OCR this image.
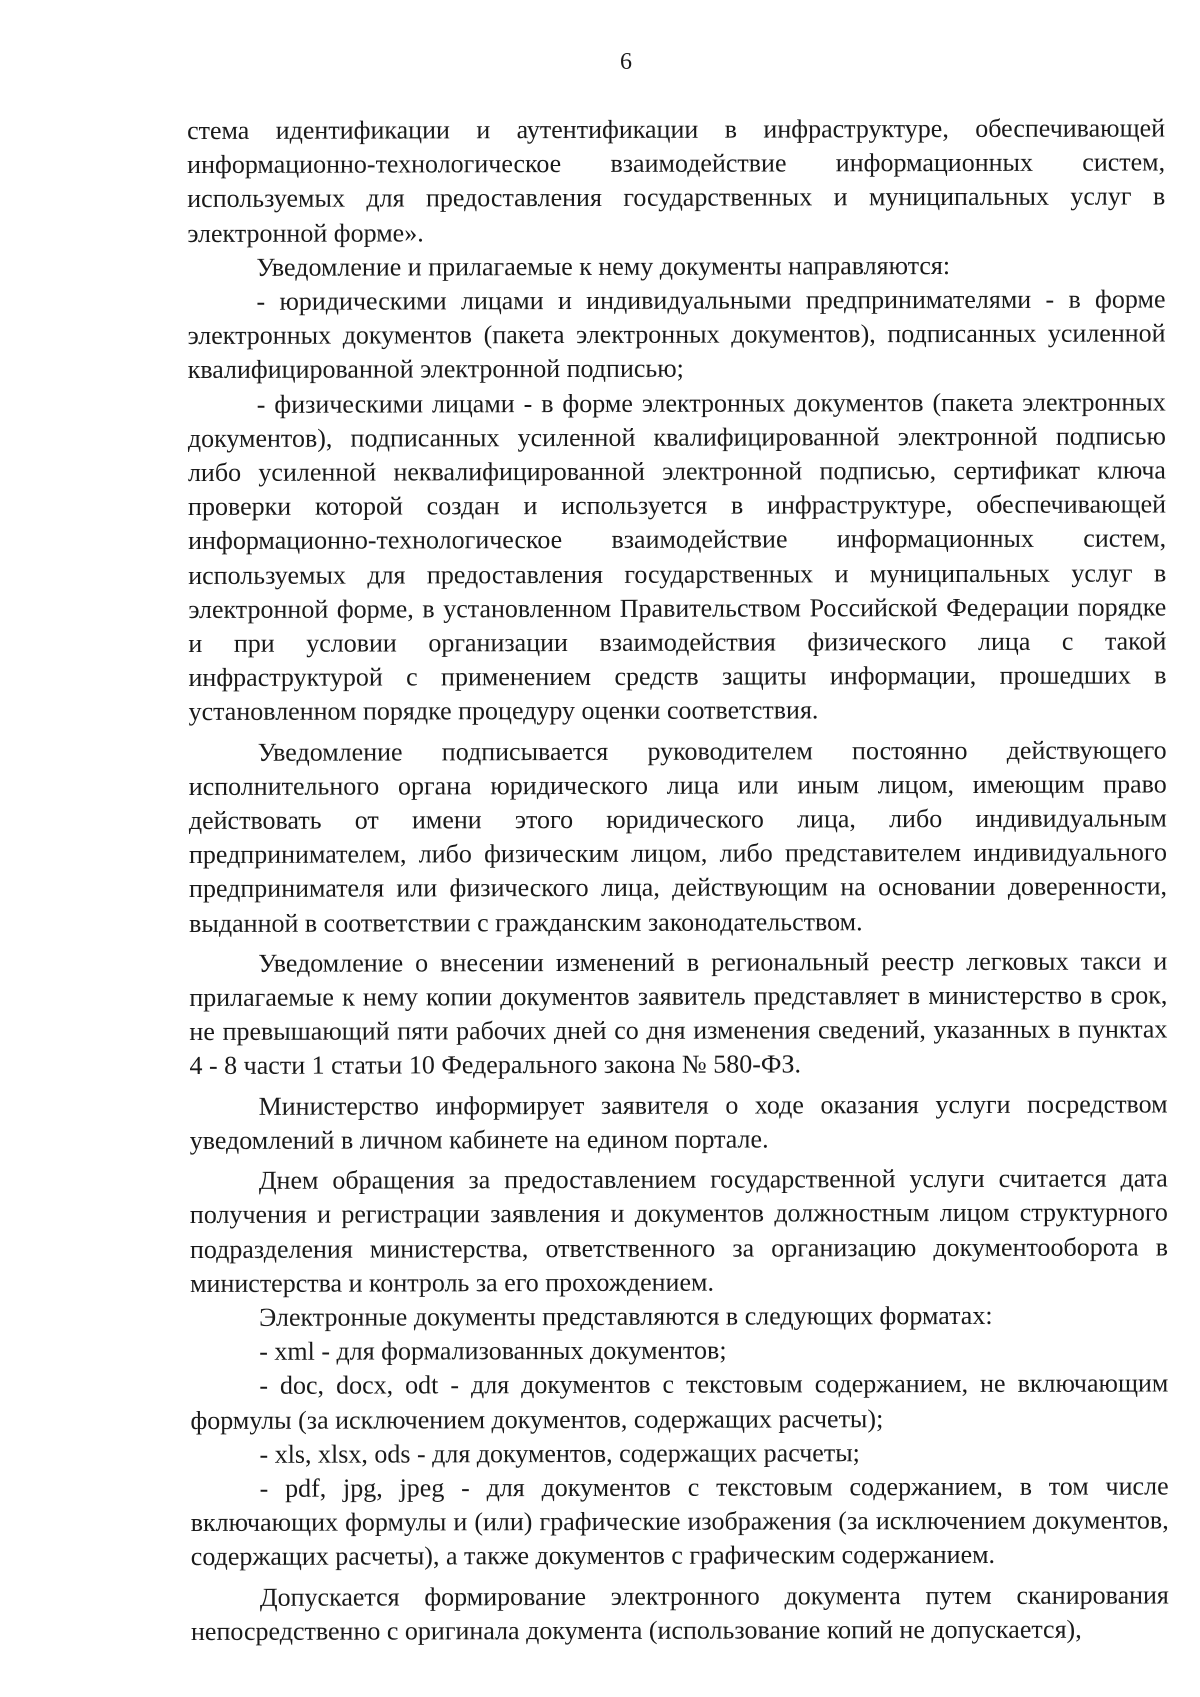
6

стема идентификации и аутентификации в инфраструктуре, обеспечивающей информационно-технологическое взаимодействие информационных систем, используемых для предоставления государственных и муниципальных услуг в электронной форме».

Уведомление и прилагаемые к нему документы направляются:

- юридическими лицами и индивидуальными предпринимателями - в форме электронных документов (пакета электронных документов), подписанных усиленной квалифицированной электронной подписью;

- физическими лицами - в форме электронных документов (пакета электронных документов), подписанных усиленной квалифицированной электронной подписью либо усиленной неквалифицированной электронной подписью, сертификат ключа проверки которой создан и используется в инфраструктуре, обеспечивающей информационно-технологическое взаимодействие информационных систем, используемых для предоставления государственных и муниципальных услуг в электронной форме, в установленном Правительством Российской Федерации порядке и при условии организации взаимодействия физического лица с такой инфраструктурой с применением средств защиты информации, прошедших в установленном порядке процедуру оценки соответствия.

Уведомление подписывается руководителем постоянно действующего исполнительного органа юридического лица или иным лицом, имеющим право действовать от имени этого юридического лица, либо индивидуальным предпринимателем, либо физическим лицом, либо представителем индивидуального предпринимателя или физического лица, действующим на основании доверенности, выданной в соответствии с гражданским законодательством.

Уведомление о внесении изменений в региональный реестр легковых такси и прилагаемые к нему копии документов заявитель представляет в министерство в срок, не превышающий пяти рабочих дней со дня изменения сведений, указанных в пунктах 4 - 8 части 1 статьи 10 Федерального закона № 580-ФЗ.

Министерство информирует заявителя о ходе оказания услуги посредством уведомлений в личном кабинете на едином портале.

Днем обращения за предоставлением государственной услуги считается дата получения и регистрации заявления и документов должностным лицом структурного подразделения министерства, ответственного за организацию документооборота в министерства и контроль за его прохождением.

Электронные документы представляются в следующих форматах:

- xml - для формализованных документов;

- doc, docx, odt - для документов с текстовым содержанием, не включающим формулы (за исключением документов, содержащих расчеты);

- xls, xlsx, ods - для документов, содержащих расчеты;

- pdf, jpg, jpeg - для документов с текстовым содержанием, в том числе включающих формулы и (или) графические изображения (за исключением документов, содержащих расчеты), а также документов с графическим содержанием.

Допускается формирование электронного документа путем сканирования непосредственно с оригинала документа (использование копий не допускается),
